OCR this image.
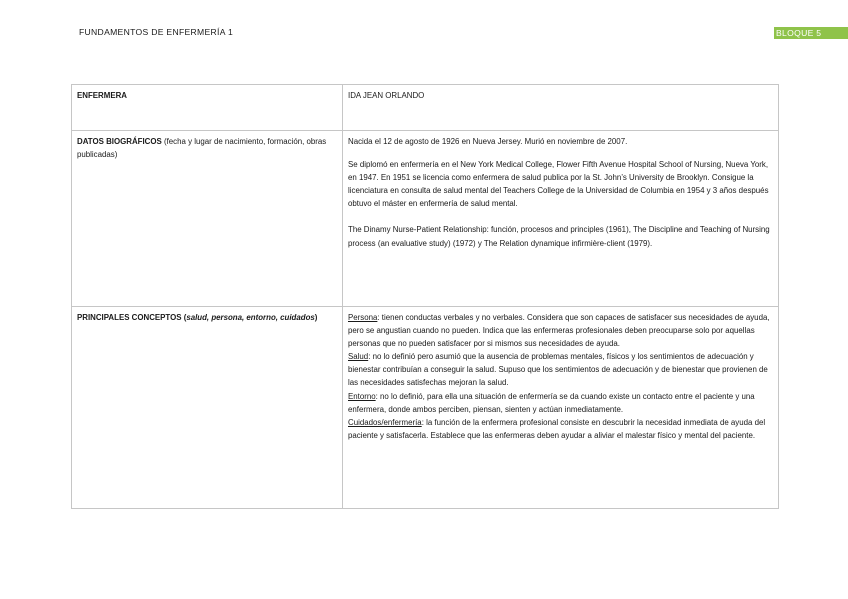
FUNDAMENTOS DE ENFERMERÍA 1	BLOQUE 5
ENFERMERA	IDA JEAN ORLANDO
DATOS BIOGRÁFICOS (fecha y lugar de nacimiento, formación, obras publicadas)	Nacida el 12 de agosto de 1926 en Nueva Jersey. Murió en noviembre de 2007.

Se diplomó en enfermería en el New York Medical College, Flower Fifth Avenue Hospital School of Nursing, Nueva York, en 1947. En 1951 se licencia como enfermera de salud publica por la St. John’s University de Brooklyn. Consigue la licenciatura en consulta de salud mental del Teachers College de la Universidad de Columbia en 1954 y 3 años después obtuvo el máster en enfermería de salud mental.

The Dinamy Nurse-Patient Relationship: función, procesos and principles (1961), The Discipline and Teaching of Nursing process (an evaluative study) (1972) y The Relation dynamique infirmière-client (1979).

PRINCIPALES CONCEPTOS (salud, persona, entorno, cuidados)	Persona: tienen conductas verbales y no verbales. Considera que son capaces de satisfacer sus necesidades de ayuda, pero se angustian cuando no pueden. Indica que las enfermeras profesionales deben preocuparse solo por aquellas personas que no pueden satisfacer por si mismos sus necesidades de ayuda.

Salud: no lo definió pero asumió que la ausencia de problemas mentales, físicos y los sentimientos de adecuación y bienestar contribuían a conseguir la salud. Supuso que los sentimientos de adecuación y de bienestar que provienen de las necesidades satisfechas mejoran la salud.

Entorno: no lo definió, para ella una situación de enfermería se da cuando existe un contacto entre el paciente y una enfermera, donde ambos perciben, piensan, sienten y actúan inmediatamente.

Cuidados/enfermería: la función de la enfermera profesional consiste en descubrir la necesidad inmediata de ayuda del paciente y satisfacerla. Establece que las enfermeras deben ayudar a aliviar el malestar físico y mental del paciente.
